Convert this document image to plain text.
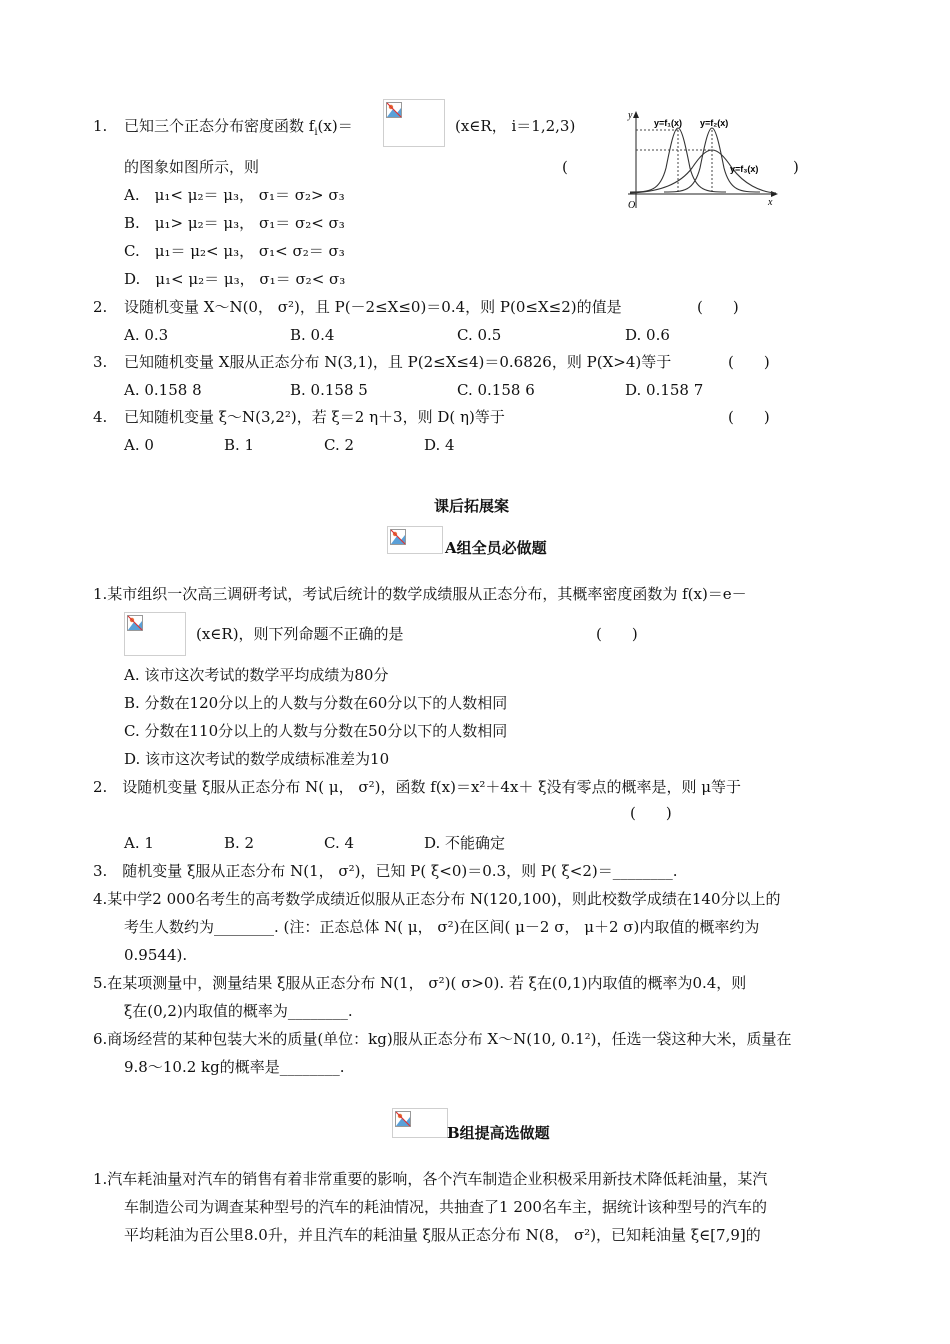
1. 已知三个正态分布密度函数 $f_i(x)=$	(x∈R， i＝1,2,3)
的图象如图所示，则	(	)
y
x
O
y=f₁(x) y=f₂(x)
y=f₃(x)
A.　μ₁< μ₂＝ μ₃， σ₁＝ σ₂> σ₃
B.　μ₁> μ₂＝ μ₃， σ₁＝ σ₂< σ₃
C.　μ₁＝ μ₂< μ₃， σ₁< σ₂＝ σ₃
D.　μ₁< μ₂＝ μ₃， σ₁＝ σ₂< σ₃
2. 设随机变量 X～N(0， σ²)，且 P(－2≤X≤0)＝0.4，则 P(0≤X≤2)的值是	(　　)
A. 0.3	B. 0.4	C. 0.5	D. 0.6
3. 已知随机变量 X服从正态分布 N(3,1)，且 P(2≤X≤4)＝0.6826，则 P(X>4)等于	(　　)
A. 0.158 8	B. 0.158 5	C. 0.158 6	D. 0.158 7
4. 已知随机变量 ξ～N(3,2²)，若 ξ＝2 η＋3，则 D( η)等于	(　　)
A. 0	B. 1	C. 2	D. 4
课后拓展案
A组全员必做题
1.某市组织一次高三调研考试，考试后统计的数学成绩服从正态分布，其概率密度函数为 f(x)＝e－
(x∈R)，则下列命题不正确的是	(　　)
A. 该市这次考试的数学平均成绩为80分
B. 分数在120分以上的人数与分数在60分以下的人数相同
C. 分数在110分以上的人数与分数在50分以下的人数相同
D. 该市这次考试的数学成绩标准差为10
2.　设随机变量 ξ服从正态分布 N( μ， σ²)，函数 f(x)＝x²＋4x＋ ξ没有零点的概率是，则 μ等于
(　　)
A. 1	B. 2	C. 4	D. 不能确定
3.　随机变量 ξ服从正态分布 N(1， σ²)，已知 P( ξ<0)＝0.3，则 P( ξ<2)＝________.
4.某中学2 000名考生的高考数学成绩近似服从正态分布 N(120,100)，则此校数学成绩在140分以上的
考生人数约为________. (注：正态总体 N( μ， σ²)在区间( μ－2 σ， μ＋2 σ)内取值的概率约为
0.9544).
5.在某项测量中，测量结果 ξ服从正态分布 N(1， σ²)( σ>0). 若 ξ在(0,1)内取值的概率为0.4，则
ξ在(0,2)内取值的概率为________.
6.商场经营的某种包装大米的质量(单位：kg)服从正态分布 X～N(10, 0.1²)，任选一袋这种大米，质量在
9.8～10.2 kg的概率是________.
B组提高选做题
1.汽车耗油量对汽车的销售有着非常重要的影响，各个汽车制造企业积极采用新技术降低耗油量，某汽
车制造公司为调查某种型号的汽车的耗油情况，共抽查了1 200名车主，据统计该种型号的汽车的
平均耗油为百公里8.0升，并且汽车的耗油量 ξ服从正态分布 N(8， σ²)，已知耗油量 ξ∈[7,9]的
